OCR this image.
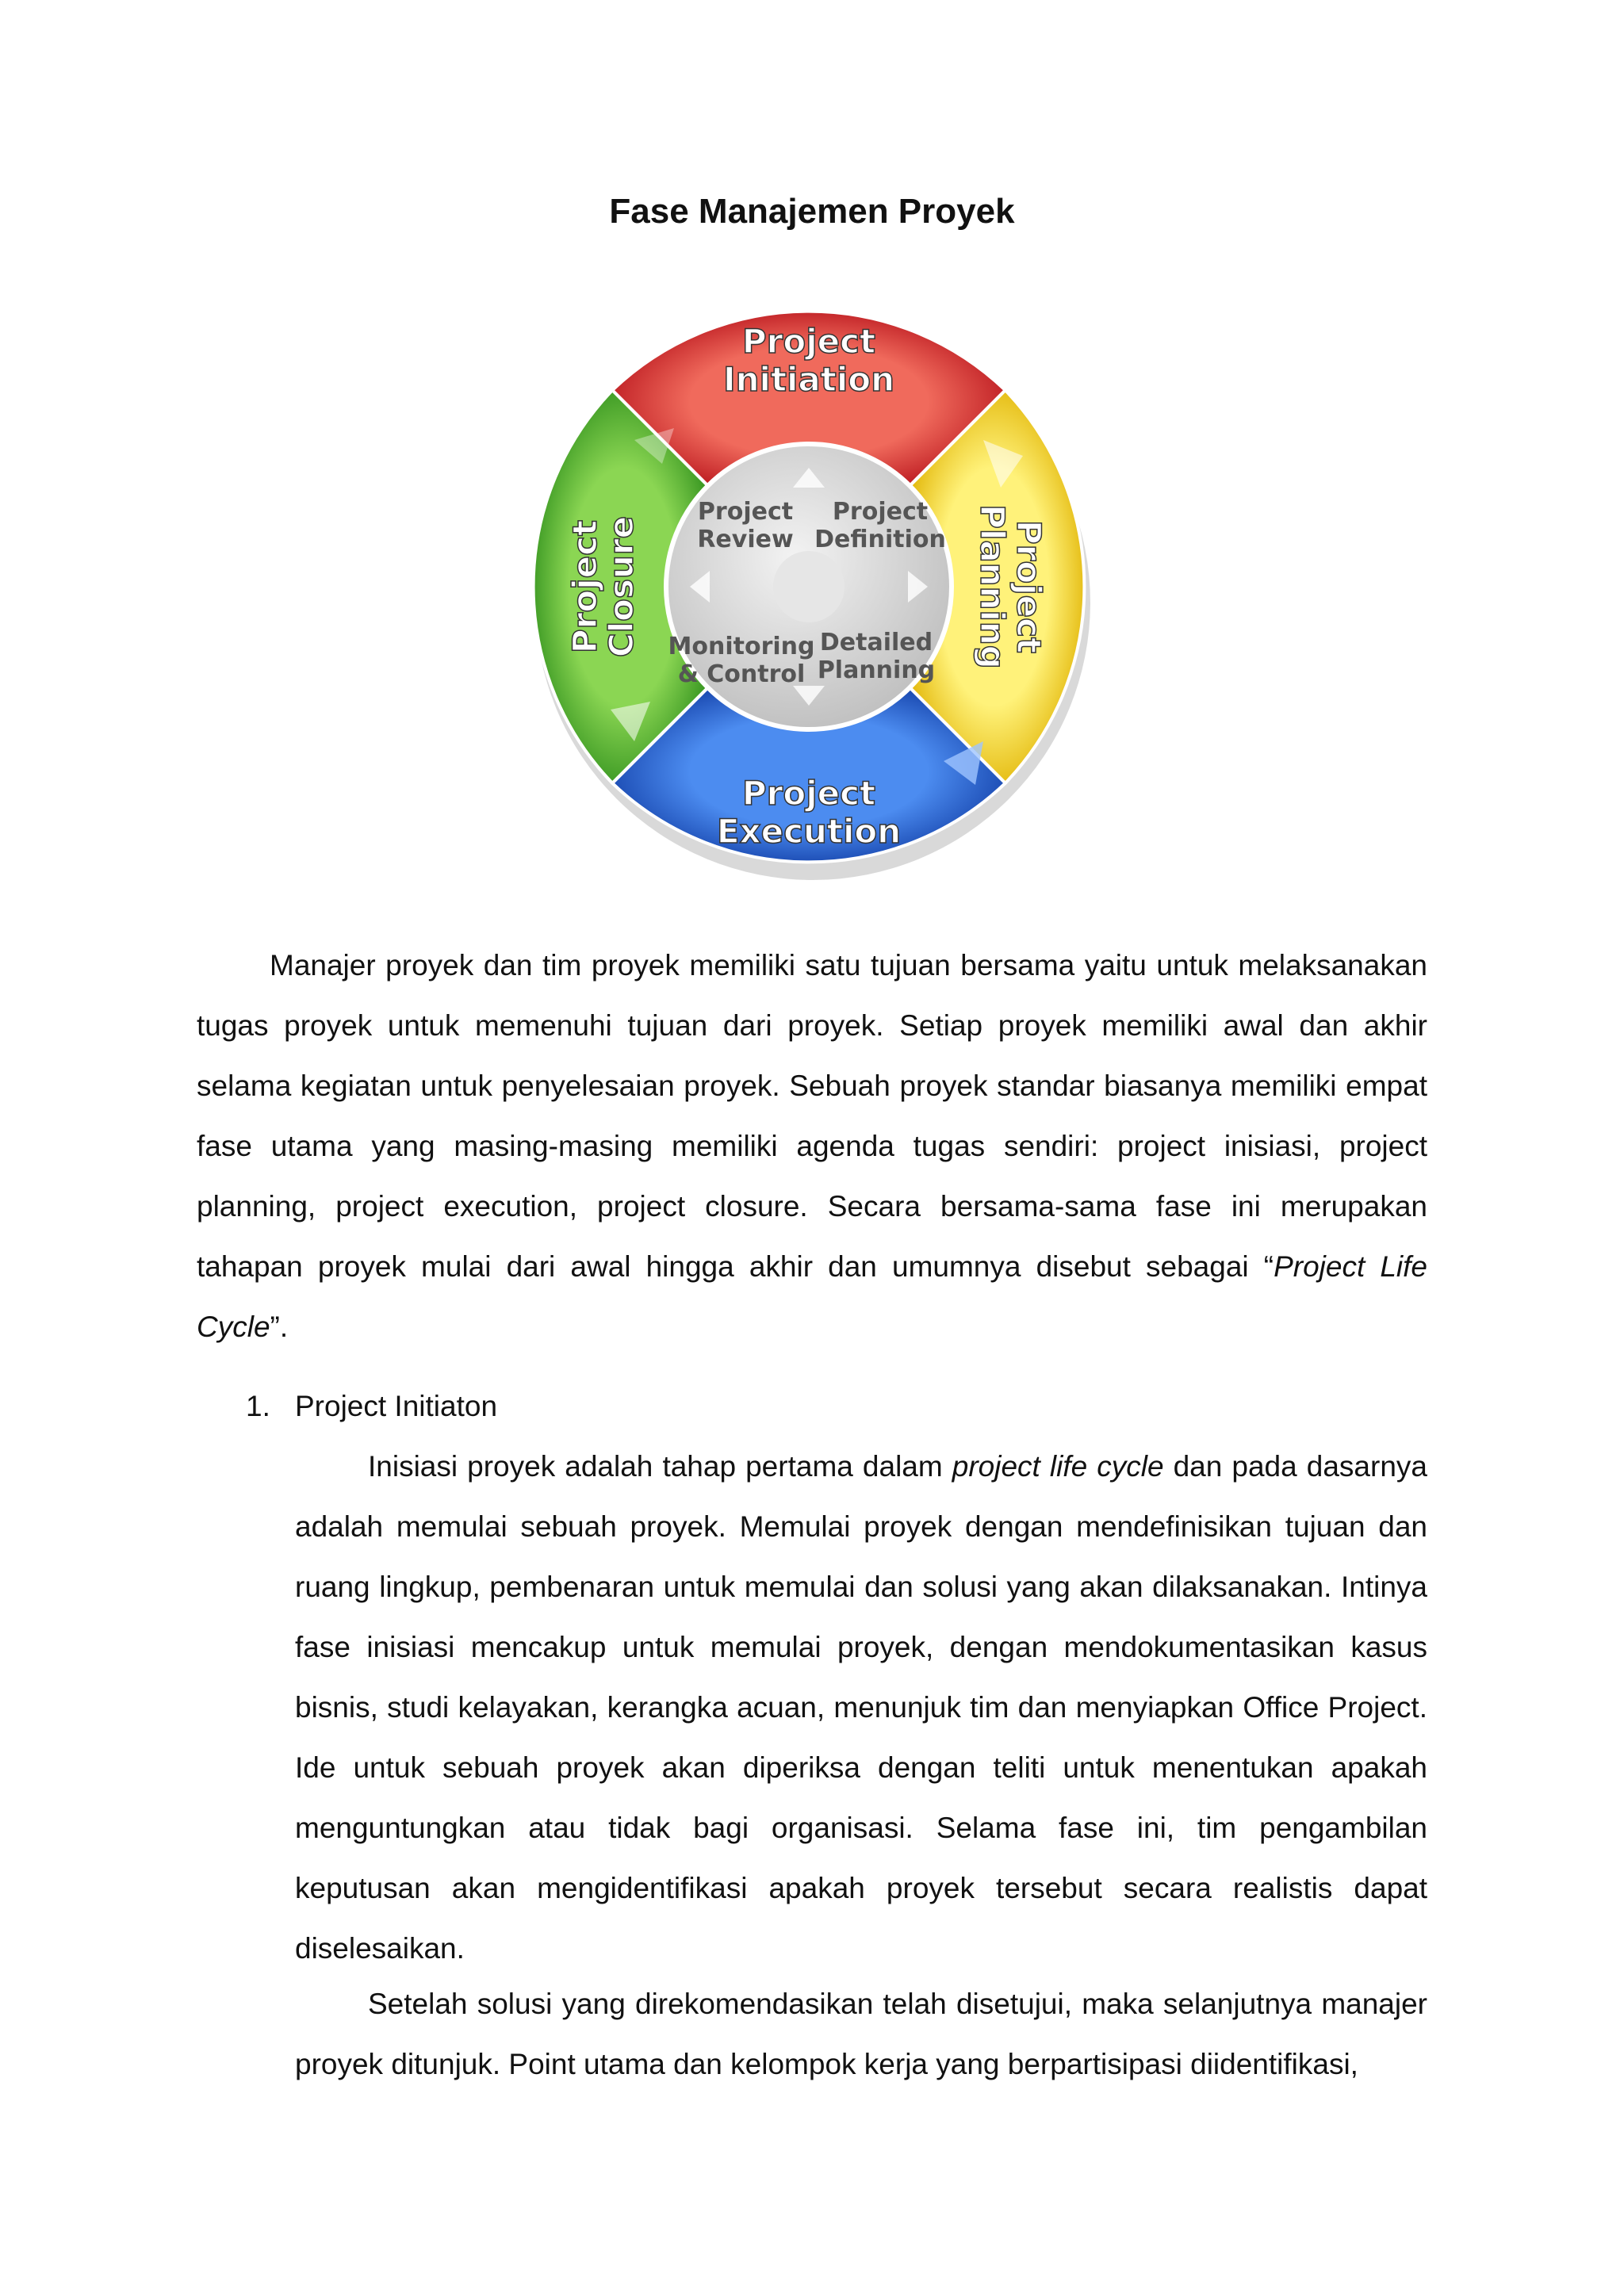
Fase Manajemen Proyek
Project
Review
Project
Definition
Monitoring
& Control
Detailed
Planning
Project
Initiation
Project
Planning
Project
Execution
Project
Closure
Manajer proyek dan tim proyek memiliki satu tujuan bersama yaitu untuk melaksanakan tugas proyek untuk memenuhi tujuan dari proyek. Setiap proyek memiliki awal dan akhir selama kegiatan untuk penyelesaian proyek. Sebuah proyek standar biasanya memiliki empat fase utama yang masing-masing memiliki agenda tugas sendiri: project inisiasi, project planning, project execution, project closure. Secara bersama-sama fase ini merupakan tahapan proyek mulai dari awal hingga akhir dan umumnya disebut sebagai “Project Life Cycle”.
1. Project Initiaton
Inisiasi proyek adalah tahap pertama dalam project life cycle dan pada dasarnya adalah memulai sebuah proyek. Memulai proyek dengan mendefinisikan tujuan dan ruang lingkup, pembenaran untuk memulai dan solusi yang akan dilaksanakan. Intinya fase inisiasi mencakup untuk memulai proyek, dengan mendokumentasikan kasus bisnis, studi kelayakan, kerangka acuan, menunjuk tim dan menyiapkan Office Project. Ide untuk sebuah proyek akan diperiksa dengan teliti untuk menentukan apakah menguntungkan atau tidak bagi organisasi. Selama fase ini, tim pengambilan keputusan akan mengidentifikasi apakah proyek tersebut secara realistis dapat diselesaikan.
Setelah solusi yang direkomendasikan telah disetujui, maka selanjutnya manajer proyek ditunjuk. Point utama dan kelompok kerja yang berpartisipasi diidentifikasi,
